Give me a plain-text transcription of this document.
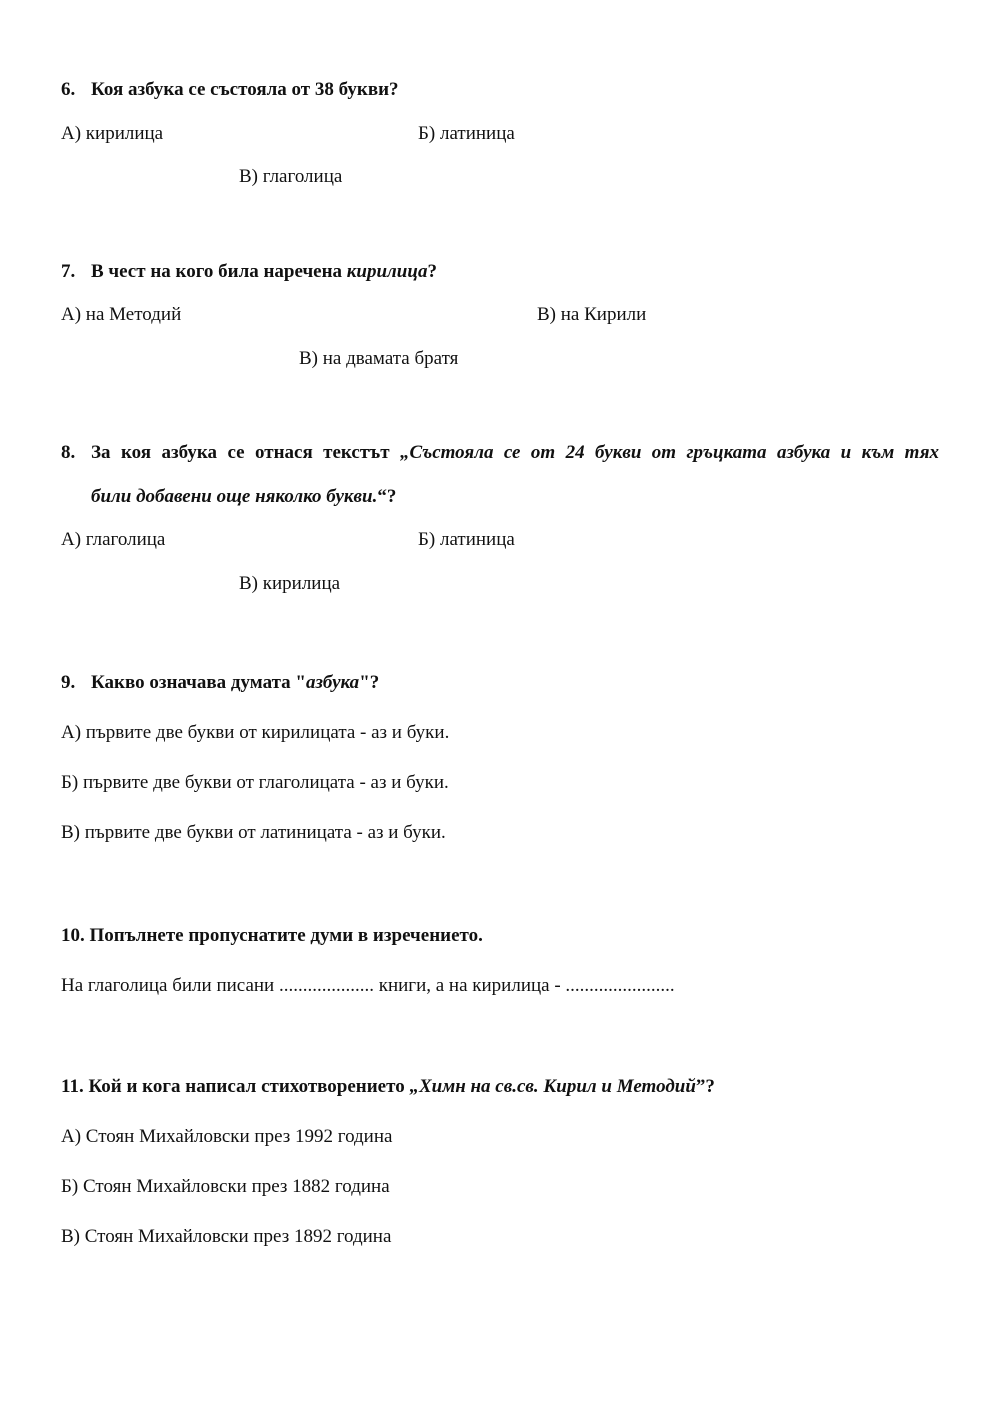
6. Коя азбука се състояла от 38 букви?
А) кирилица	Б) латиница
В) глаголица
7. В чест на кого била наречена кирилица?
А) на Методий	В) на Кирили
В) на двамата братя
8. За коя азбука се отнася текстът „Състояла се от 24 букви от гръцката азбука и към тях
били добавени още няколко букви.“?
А) глаголица	Б) латиница
В) кирилица
9. Какво означава думата "азбука"?
А) първите две букви от кирилицата - аз и буки.
Б) първите две букви от глаголицата - аз и буки.
В) първите две букви от латиницата - аз и буки.
10. Попълнете пропуснатите думи в изречението.
На глаголица били писани .................... книги, а на кирилица - .......................
11. Кой и кога написал стихотворението „Химн на св.св. Кирил и Методий”?
А) Стоян Михайловски през 1992 година
Б) Стоян Михайловски през 1882 година
В) Стоян Михайловски през 1892 година
